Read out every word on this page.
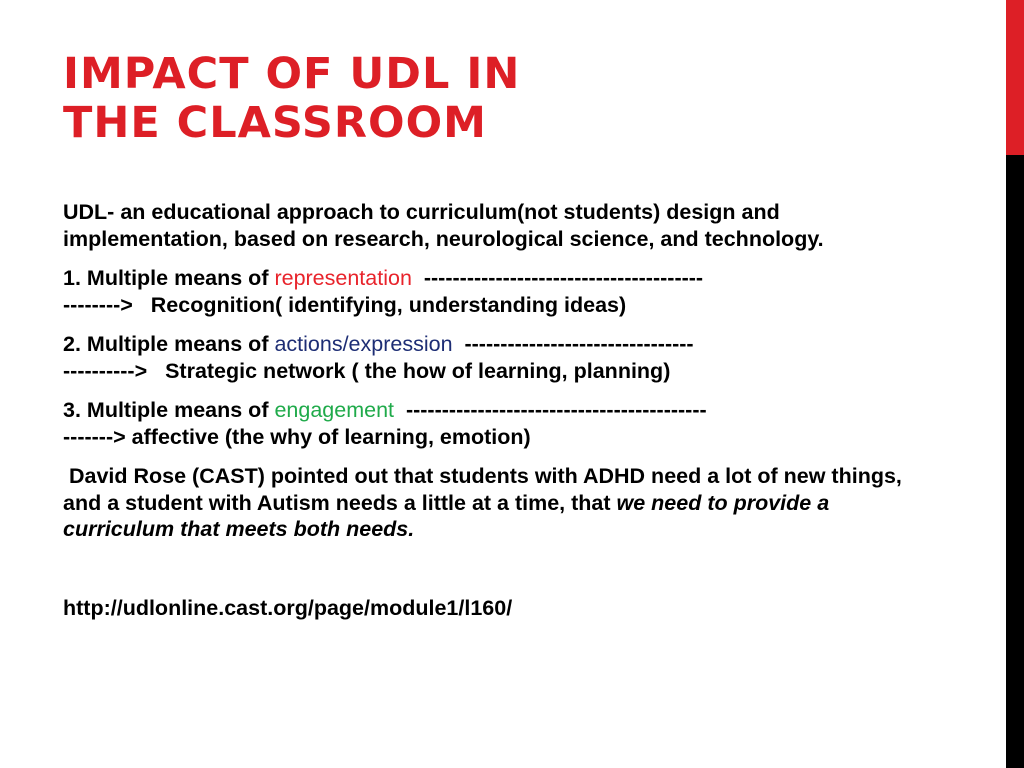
IMPACT OF UDL IN
THE CLASSROOM

UDL- an educational approach to curriculum(not students) design and implementation, based on research, neurological science, and technology.

1. Multiple means of representation ---------------------------------------
--------> Recognition( identifying, understanding ideas)

2. Multiple means of actions/expression --------------------------------
----------> Strategic network ( the how of learning, planning)

3. Multiple means of engagement ------------------------------------------
-------> affective (the why of learning, emotion)

David Rose (CAST) pointed out that students with ADHD need a lot of new things, and a student with Autism needs a little at a time, that we need to provide a curriculum that meets both needs.

http://udlonline.cast.org/page/module1/l160/
